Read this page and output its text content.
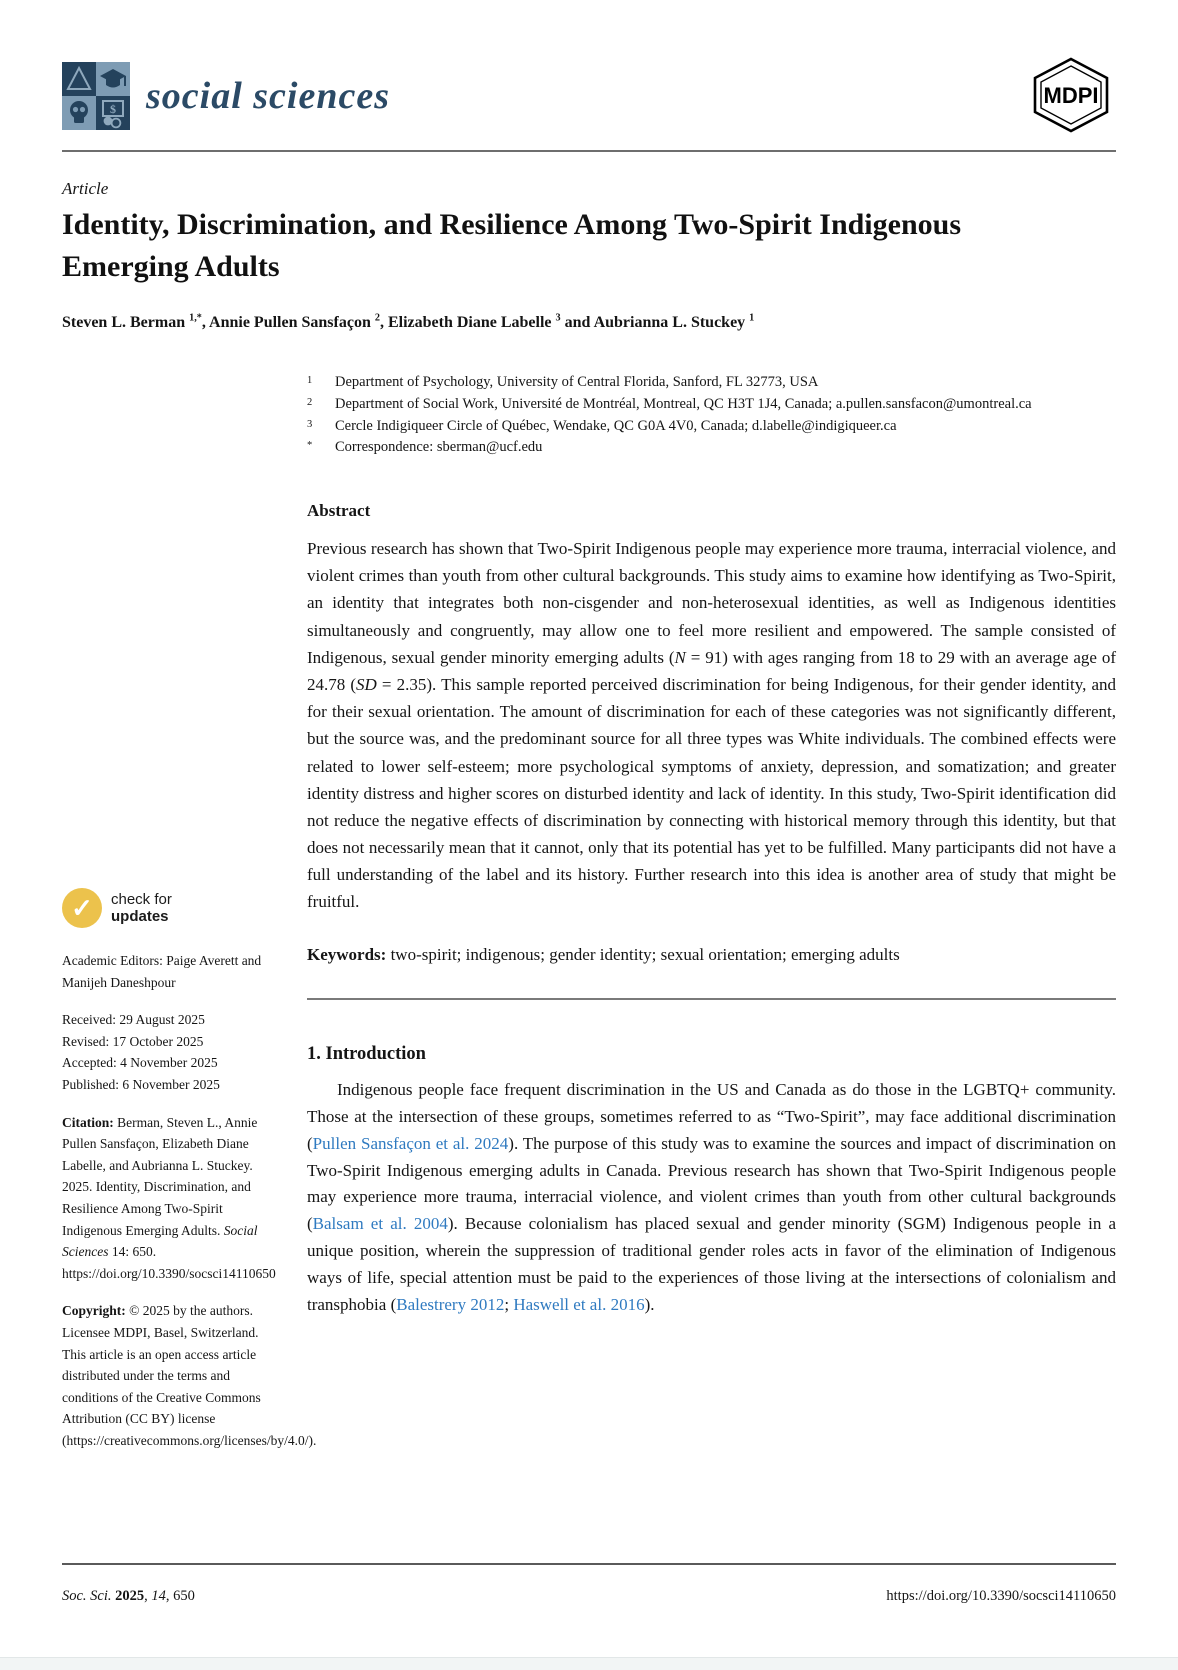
$ social sciences	MDPI
Article
Identity, Discrimination, and Resilience Among Two-Spirit Indigenous Emerging Adults
Steven L. Berman $^{1,*}$, Annie Pullen Sansfaçon $^2$, Elizabeth Diane Labelle $^3$ and Aubrianna L. Stuckey $^1$
1	Department of Psychology, University of Central Florida, Sanford, FL 32773, USA
2	Department of Social Work, Université de Montréal, Montreal, QC H3T 1J4, Canada; a.pullen.sansfacon@umontreal.ca
3	Cercle Indigiqueer Circle of Québec, Wendake, QC G0A 4V0, Canada; d.labelle@indigiqueer.ca
*	Correspondence: sberman@ucf.edu
Abstract

Previous research has shown that Two-Spirit Indigenous people may experience more trauma, interracial violence, and violent crimes than youth from other cultural backgrounds. This study aims to examine how identifying as Two-Spirit, an identity that integrates both non-cisgender and non-heterosexual identities, as well as Indigenous identities simultaneously and congruently, may allow one to feel more resilient and empowered. The sample consisted of Indigenous, sexual gender minority emerging adults (N = 91) with ages ranging from 18 to 29 with an average age of 24.78 (SD = 2.35). This sample reported perceived discrimination for being Indigenous, for their gender identity, and for their sexual orientation. The amount of discrimination for each of these categories was not significantly different, but the source was, and the predominant source for all three types was White individuals. The combined effects were related to lower self-esteem; more psychological symptoms of anxiety, depression, and somatization; and greater identity distress and higher scores on disturbed identity and lack of identity. In this study, Two-Spirit identification did not reduce the negative effects of discrimination by connecting with historical memory through this identity, but that does not necessarily mean that it cannot, only that its potential has yet to be fulfilled. Many participants did not have a full understanding of the label and its history. Further research into this idea is another area of study that might be fruitful.

Keywords: two-spirit; indigenous; gender identity; sexual orientation; emerging adults

1. Introduction

Indigenous people face frequent discrimination in the US and Canada as do those in the LGBTQ+ community. Those at the intersection of these groups, sometimes referred to as “Two-Spirit”, may face additional discrimination (Pullen Sansfaçon et al. 2024). The purpose of this study was to examine the sources and impact of discrimination on Two-Spirit Indigenous emerging adults in Canada. Previous research has shown that Two-Spirit Indigenous people may experience more trauma, interracial violence, and violent crimes than youth from other cultural backgrounds (Balsam et al. 2004). Because colonialism has placed sexual and gender minority (SGM) Indigenous people in a unique position, wherein the suppression of traditional gender roles acts in favor of the elimination of Indigenous ways of life, special attention must be paid to the experiences of those living at the intersections of colonialism and transphobia (Balestrery 2012; Haswell et al. 2016).

✓ check for
updates
Academic Editors: Paige Averett and Manijeh Daneshpour
Received: 29 August 2025
Revised: 17 October 2025
Accepted: 4 November 2025
Published: 6 November 2025
Citation: Berman, Steven L., Annie Pullen Sansfaçon, Elizabeth Diane Labelle, and Aubrianna L. Stuckey. 2025. Identity, Discrimination, and Resilience Among Two-Spirit Indigenous Emerging Adults. Social Sciences 14: 650. https://doi.org/10.3390/socsci14110650
Copyright: © 2025 by the authors. Licensee MDPI, Basel, Switzerland. This article is an open access article distributed under the terms and conditions of the Creative Commons Attribution (CC BY) license (https://creativecommons.org/licenses/by/4.0/).
Soc. Sci. 2025, 14, 650	https://doi.org/10.3390/socsci14110650
